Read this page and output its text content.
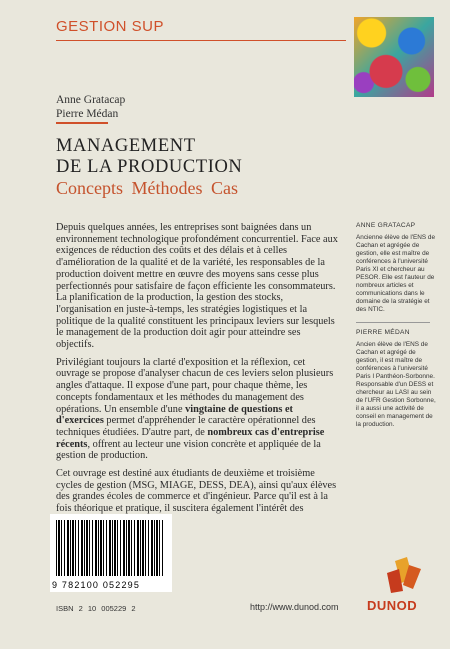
GESTION SUP
Anne Gratacap
Pierre Médan
MANAGEMENT
DE LA PRODUCTION
Concepts Méthodes Cas

Depuis quelques années, les entreprises sont baignées dans un environnement technologique profondément concurrentiel. Face aux exigences de réduction des coûts et des délais et à celles d'amélioration de la qualité et de la variété, les responsables de la production doivent mettre en œuvre des moyens sans cesse plus perfectionnés pour satisfaire de façon efficiente les consommateurs. La planification de la production, la gestion des stocks, l'organisation en juste-à-temps, les stratégies logistiques et la politique de la qualité constituent les principaux leviers sur lesquels le management de la production doit agir pour atteindre ses objectifs.

Privilégiant toujours la clarté d'exposition et la réflexion, cet ouvrage se propose d'analyser chacun de ces leviers selon plusieurs angles d'attaque. Il expose d'une part, pour chaque thème, les concepts fondamentaux et les méthodes du management des opérations. Un ensemble d'une vingtaine de questions et d'exercices permet d'appréhender le caractère opérationnel des techniques étudiées. D'autre part, de nombreux cas d'entreprise récents, offrent au lecteur une vision concrète et appliquée de la gestion de production.

Cet ouvrage est destiné aux étudiants de deuxième et troisième cycles de gestion (MSG, MIAGE, DESS, DEA), ainsi qu'aux élèves des grandes écoles de commerce et d'ingénieur. Parce qu'il est à la fois théorique et pratique, il suscitera également l'intérêt des

ANNE GRATACAP
Ancienne élève de l'ENS de Cachan et agrégée de gestion, elle est maître de conférences à l'université Paris XI et chercheur au PESOR. Elle est l'auteur de nombreux articles et communications dans le domaine de la stratégie et des NTIC.
PIERRE MÉDAN
Ancien élève de l'ENS de Cachan et agrégé de gestion, il est maître de conférences à l'université Paris I Panthéon-Sorbonne. Responsable d'un DESS et chercheur au LASI au sein de l'UFR Gestion Sorbonne, il a aussi une activité de conseil en management de la production.
9 782100 052295
ISBN 2 10 005229 2	http://www.dunod.com DUNOD
